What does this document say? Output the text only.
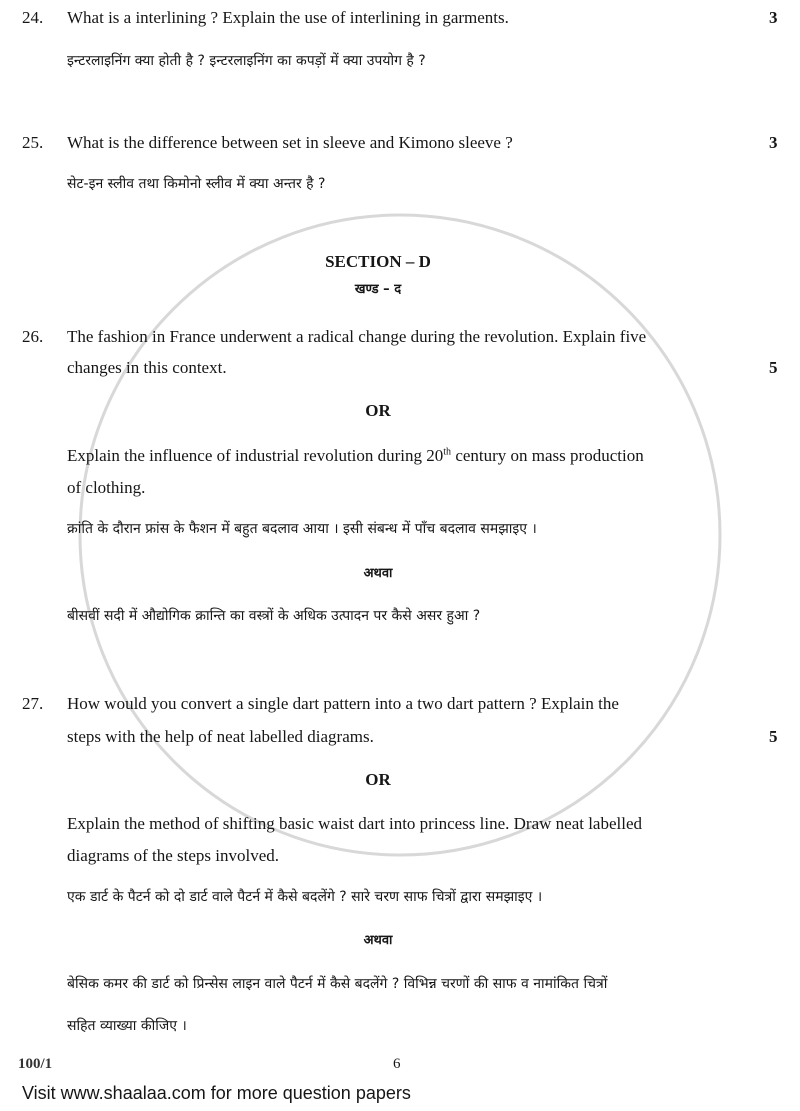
24. What is a interlining ? Explain the use of interlining in garments.	3
इन्टरलाइनिंग क्या होती है ? इन्टरलाइनिंग का कपड़ों में क्या उपयोग है ?
25. What is the difference between set in sleeve and Kimono sleeve ?	3
सेट-इन स्लीव तथा किमोनो स्लीव में क्या अन्तर है ?
SECTION – D
खण्ड – द
26. The fashion in France underwent a radical change during the revolution. Explain five
changes in this context.	5
OR
Explain the influence of industrial revolution during 20th century on mass production
of clothing.
क्रांति के दौरान फ्रांस के फैशन में बहुत बदलाव आया । इसी संबन्ध में पाँच बदलाव समझाइए ।
अथवा
बीसवीं सदी में औद्योगिक क्रान्ति का वस्त्रों के अधिक उत्पादन पर कैसे असर हुआ ?
27. How would you convert a single dart pattern into a two dart pattern ? Explain the
steps with the help of neat labelled diagrams.	5
OR
Explain the method of shifting basic waist dart into princess line. Draw neat labelled
diagrams of the steps involved.
एक डार्ट के पैटर्न को दो डार्ट वाले पैटर्न में कैसे बदलेंगे ? सारे चरण साफ चित्रों द्वारा समझाइए ।
अथवा
बेसिक कमर की डार्ट को प्रिन्सेस लाइन वाले पैटर्न में कैसे बदलेंगे ? विभिन्न चरणों की साफ व नामांकित चित्रों
सहित व्याख्या कीजिए ।
100/1	6
Visit www.shaalaa.com for more question papers
